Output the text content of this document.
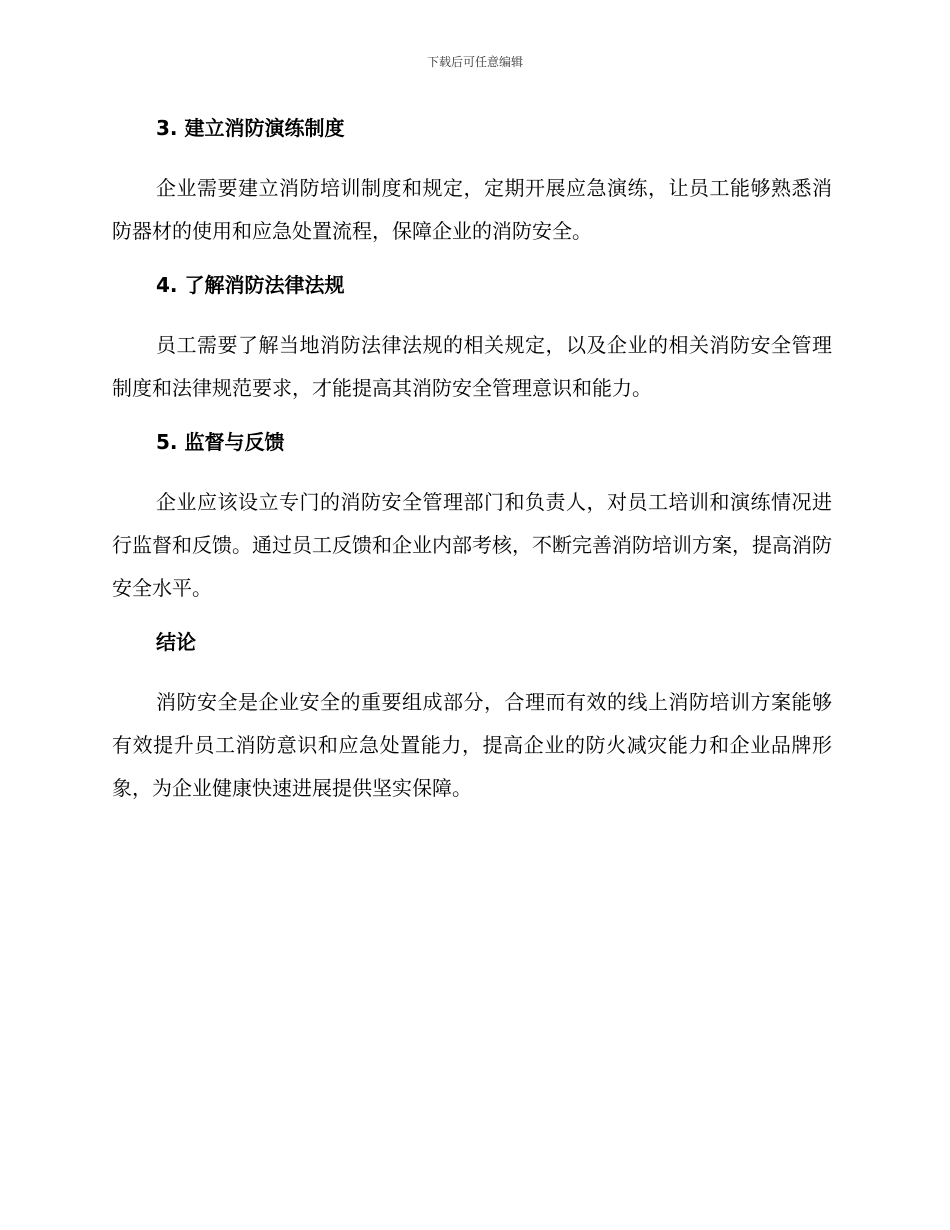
下载后可任意编辑
3. 建立消防演练制度

企业需要建立消防培训制度和规定，定期开展应急演练，让员工能够熟悉消防器材的使用和应急处置流程，保障企业的消防安全。

4. 了解消防法律法规

员工需要了解当地消防法律法规的相关规定，以及企业的相关消防安全管理制度和法律规范要求，才能提高其消防安全管理意识和能力。

5. 监督与反馈

企业应该设立专门的消防安全管理部门和负责人，对员工培训和演练情况进行监督和反馈。通过员工反馈和企业内部考核，不断完善消防培训方案，提高消防安全水平。

结论

消防安全是企业安全的重要组成部分，合理而有效的线上消防培训方案能够有效提升员工消防意识和应急处置能力，提高企业的防火减灾能力和企业品牌形象，为企业健康快速进展提供坚实保障。
